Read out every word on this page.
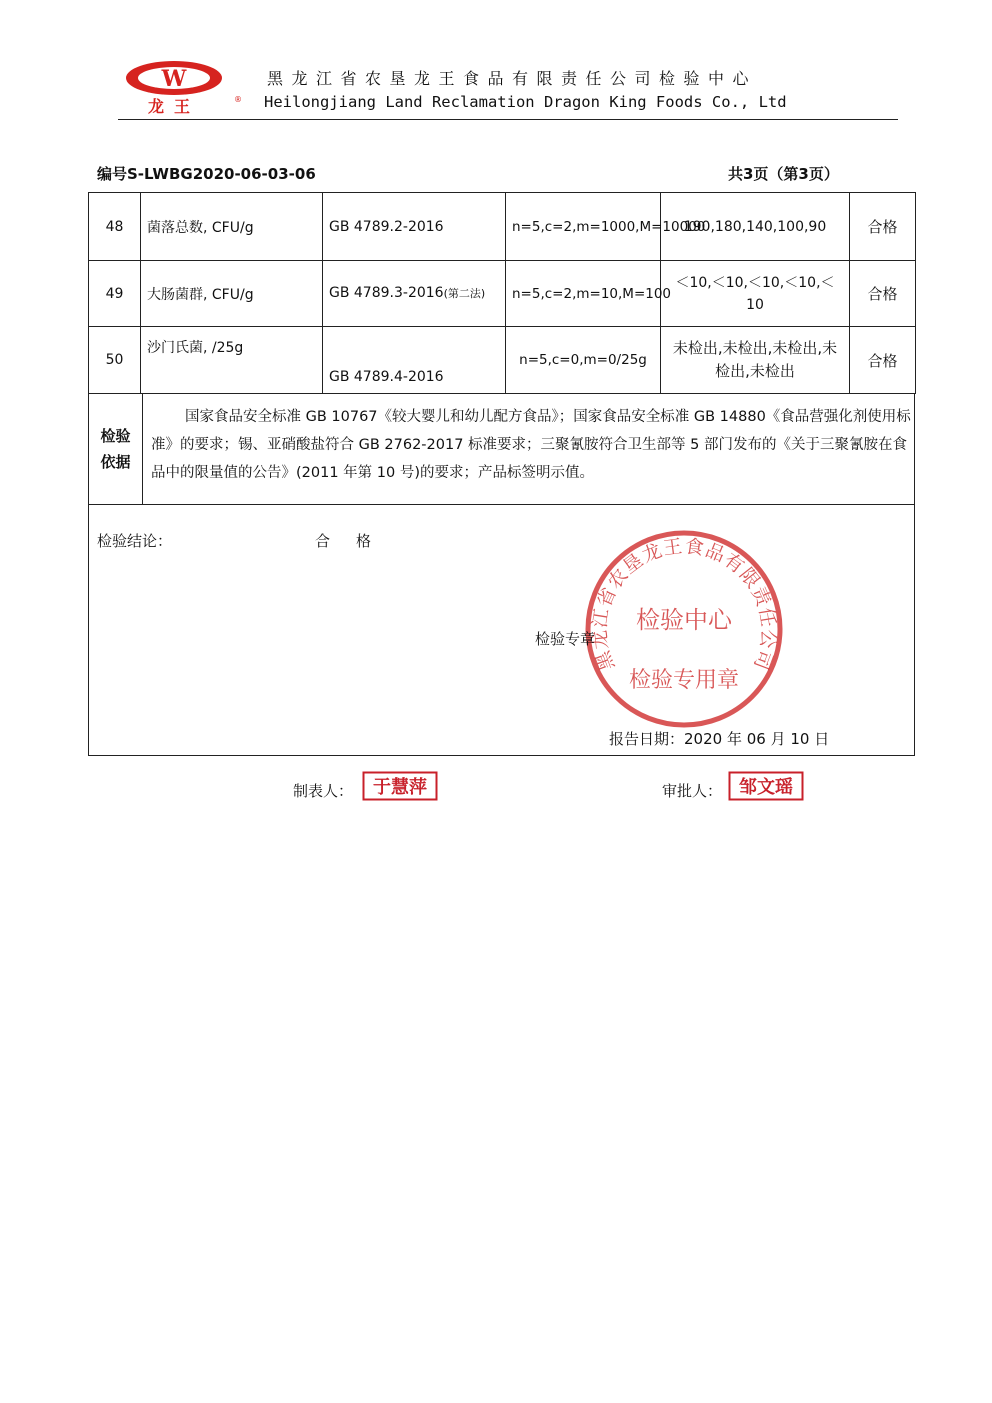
W
龙王	®
黑龙江省农垦龙王食品有限责任公司检验中心
Heilongjiang Land Reclamation Dragon King Foods Co., Ltd
编号S-LWBG2020-06-03-06	共3页（第3页）
48	菌落总数, CFU/g	GB 4789.2-2016	n=5,c=2,m=1000,M=10000	190,180,140,100,90	合格
49	大肠菌群, CFU/g	GB 4789.3-2016(第二法)	n=5,c=2,m=10,M=100	＜10,＜10,＜10,＜10,＜10	合格
50	沙门氏菌, /25g	GB 4789.4-2016	n=5,c=0,m=0/25g	未检出,未检出,未检出,未检出,未检出	合格
检验依据
国家食品安全标准 GB 10767《较大婴儿和幼儿配方食品》；国家食品安全标准 GB 14880《食品营强化剂使用标准》的要求；锡、亚硝酸盐符合 GB 2762-2017 标准要求；三聚氰胺符合卫生部等 5 部门发布的《关于三聚氰胺在食品中的限量值的公告》(2011 年第 10 号)的要求；产品标签明示值。
检验结论：	合格
黑龙江省农垦龙王食品有限责任公司
检验中心
检验专用章
检验专章
报告日期：2020 年 06 月 10 日
制表人： 于慧萍	审批人： 邹文瑶
